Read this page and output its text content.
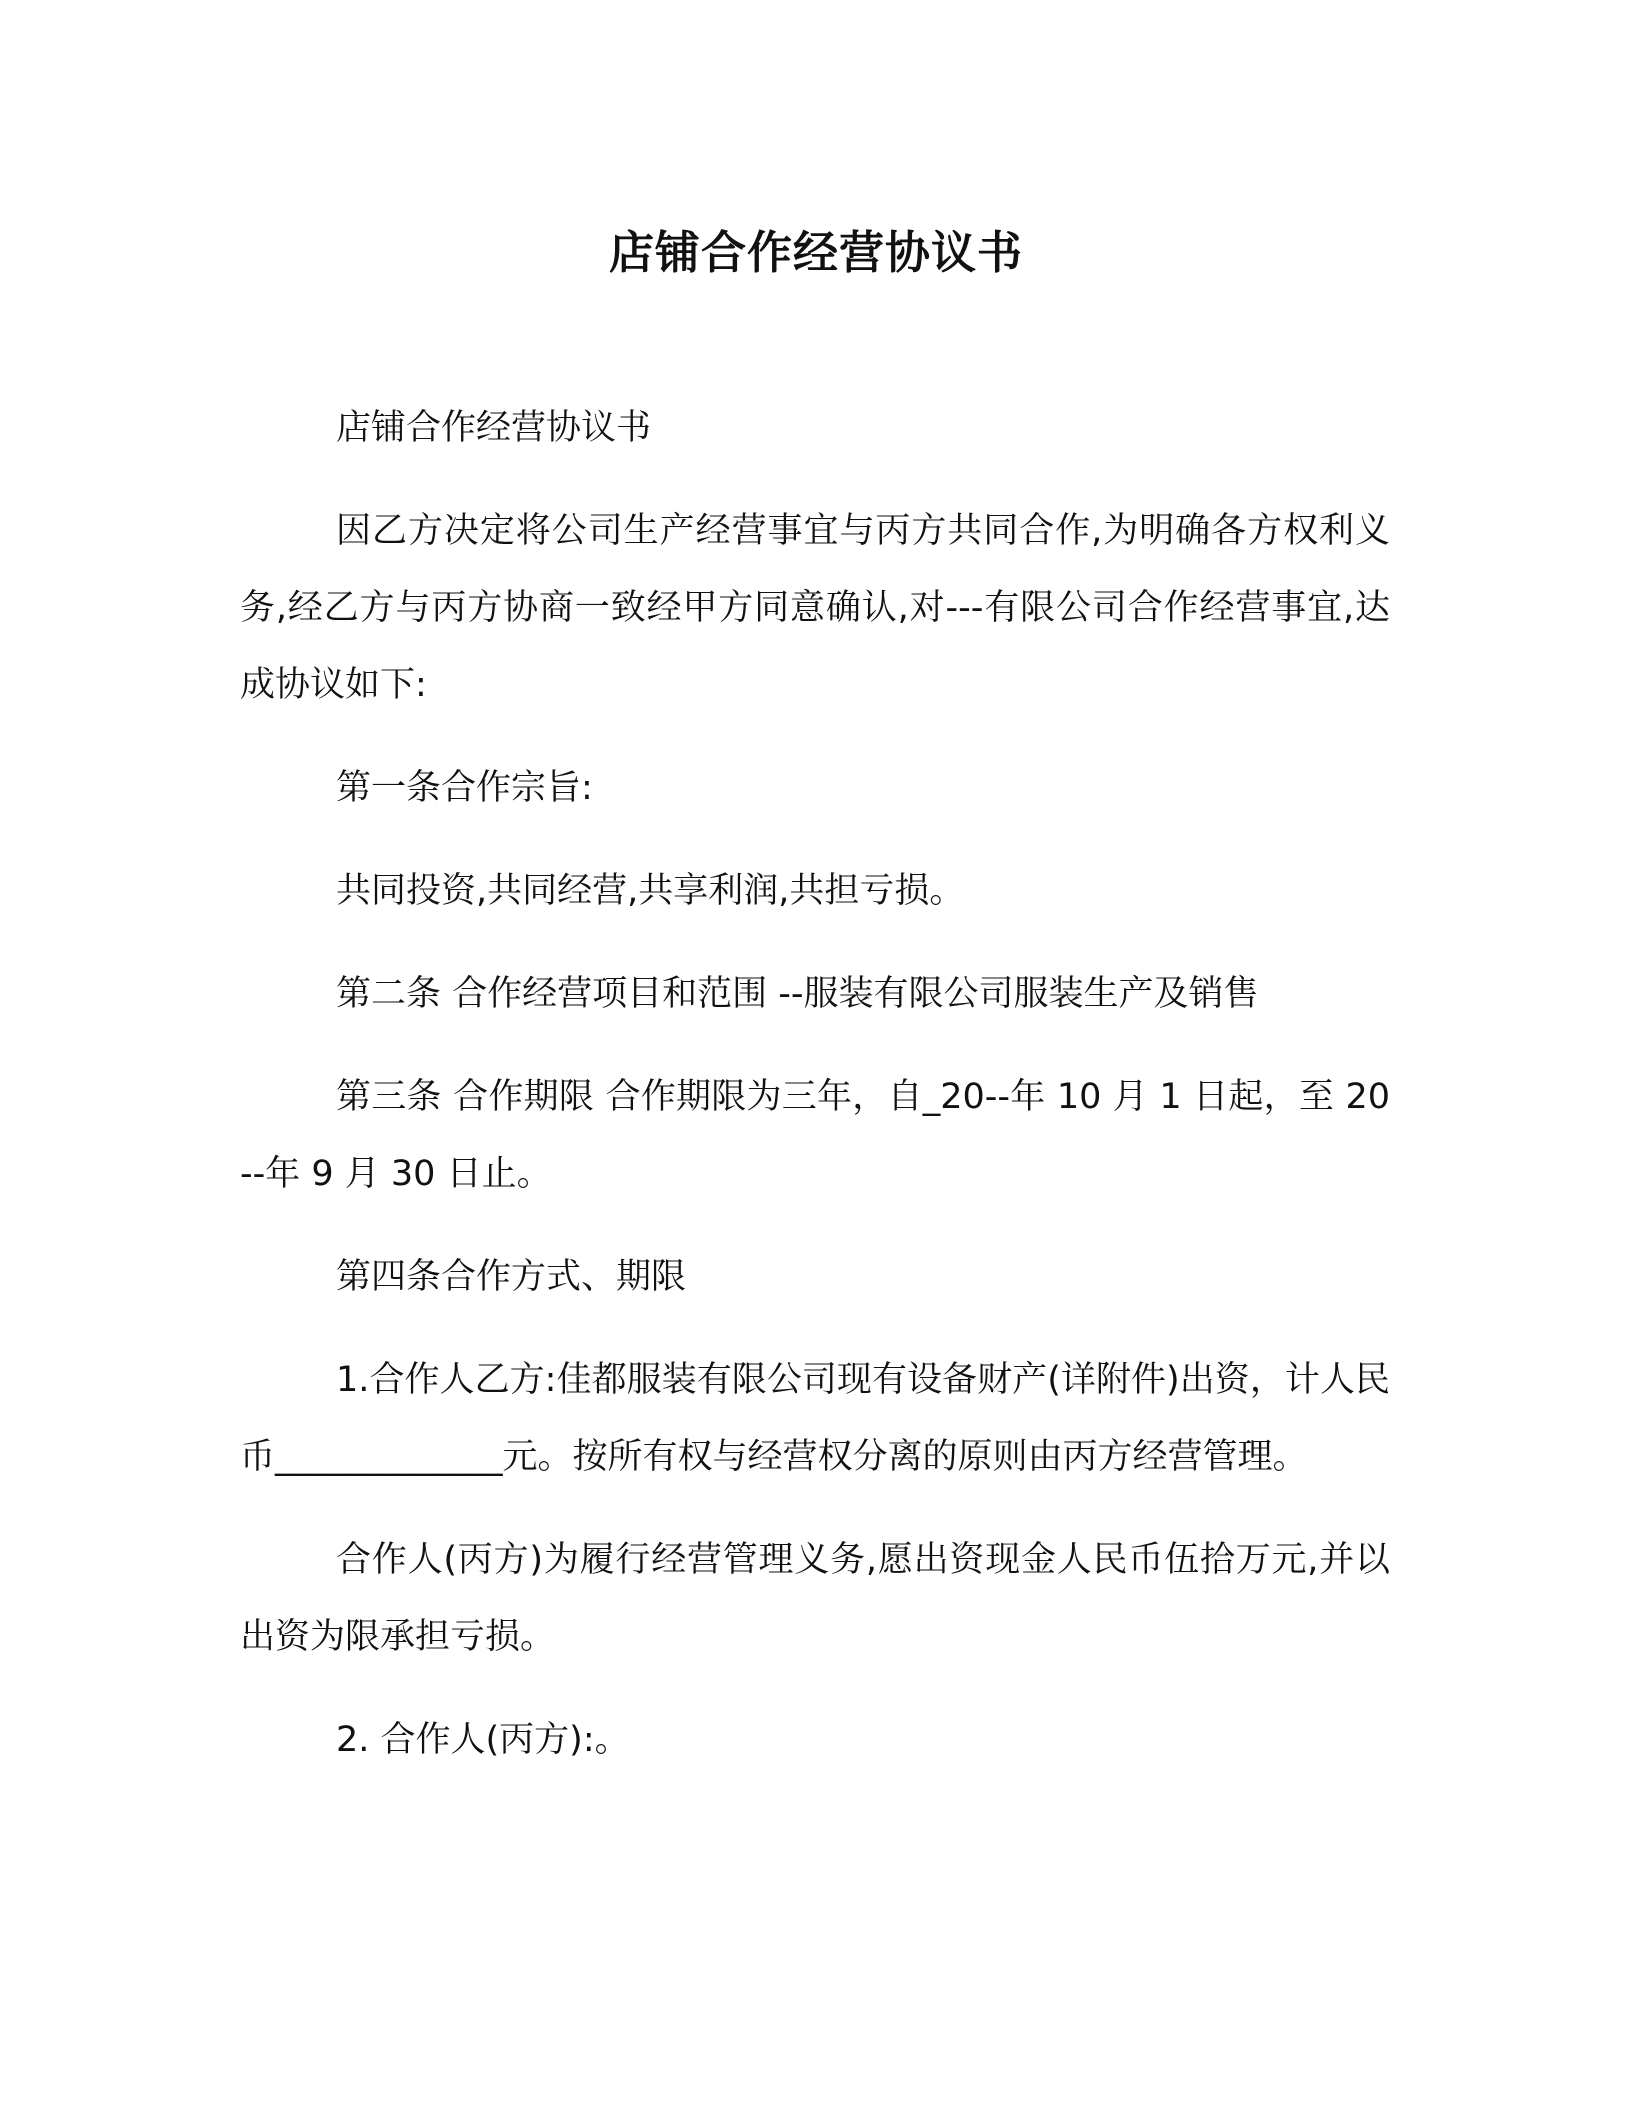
店铺合作经营协议书

店铺合作经营协议书

因乙方决定将公司生产经营事宜与丙方共同合作,为明确各方权利义务,经乙方与丙方协商一致经甲方同意确认,对---有限公司合作经营事宜,达成协议如下:

第一条合作宗旨:

共同投资,共同经营,共享利润,共担亏损。

第二条 合作经营项目和范围 --服装有限公司服装生产及销售

第三条 合作期限 合作期限为三年，自_20--年 10 月 1 日起，至 20--年 9 月 30 日止。

第四条合作方式、期限

1.合作人乙方:佳都服装有限公司现有设备财产(详附件)出资，计人民币_____________元。按所有权与经营权分离的原则由丙方经营管理。

合作人(丙方)为履行经营管理义务,愿出资现金人民币伍拾万元,并以出资为限承担亏损。

2. 合作人(丙方):。
